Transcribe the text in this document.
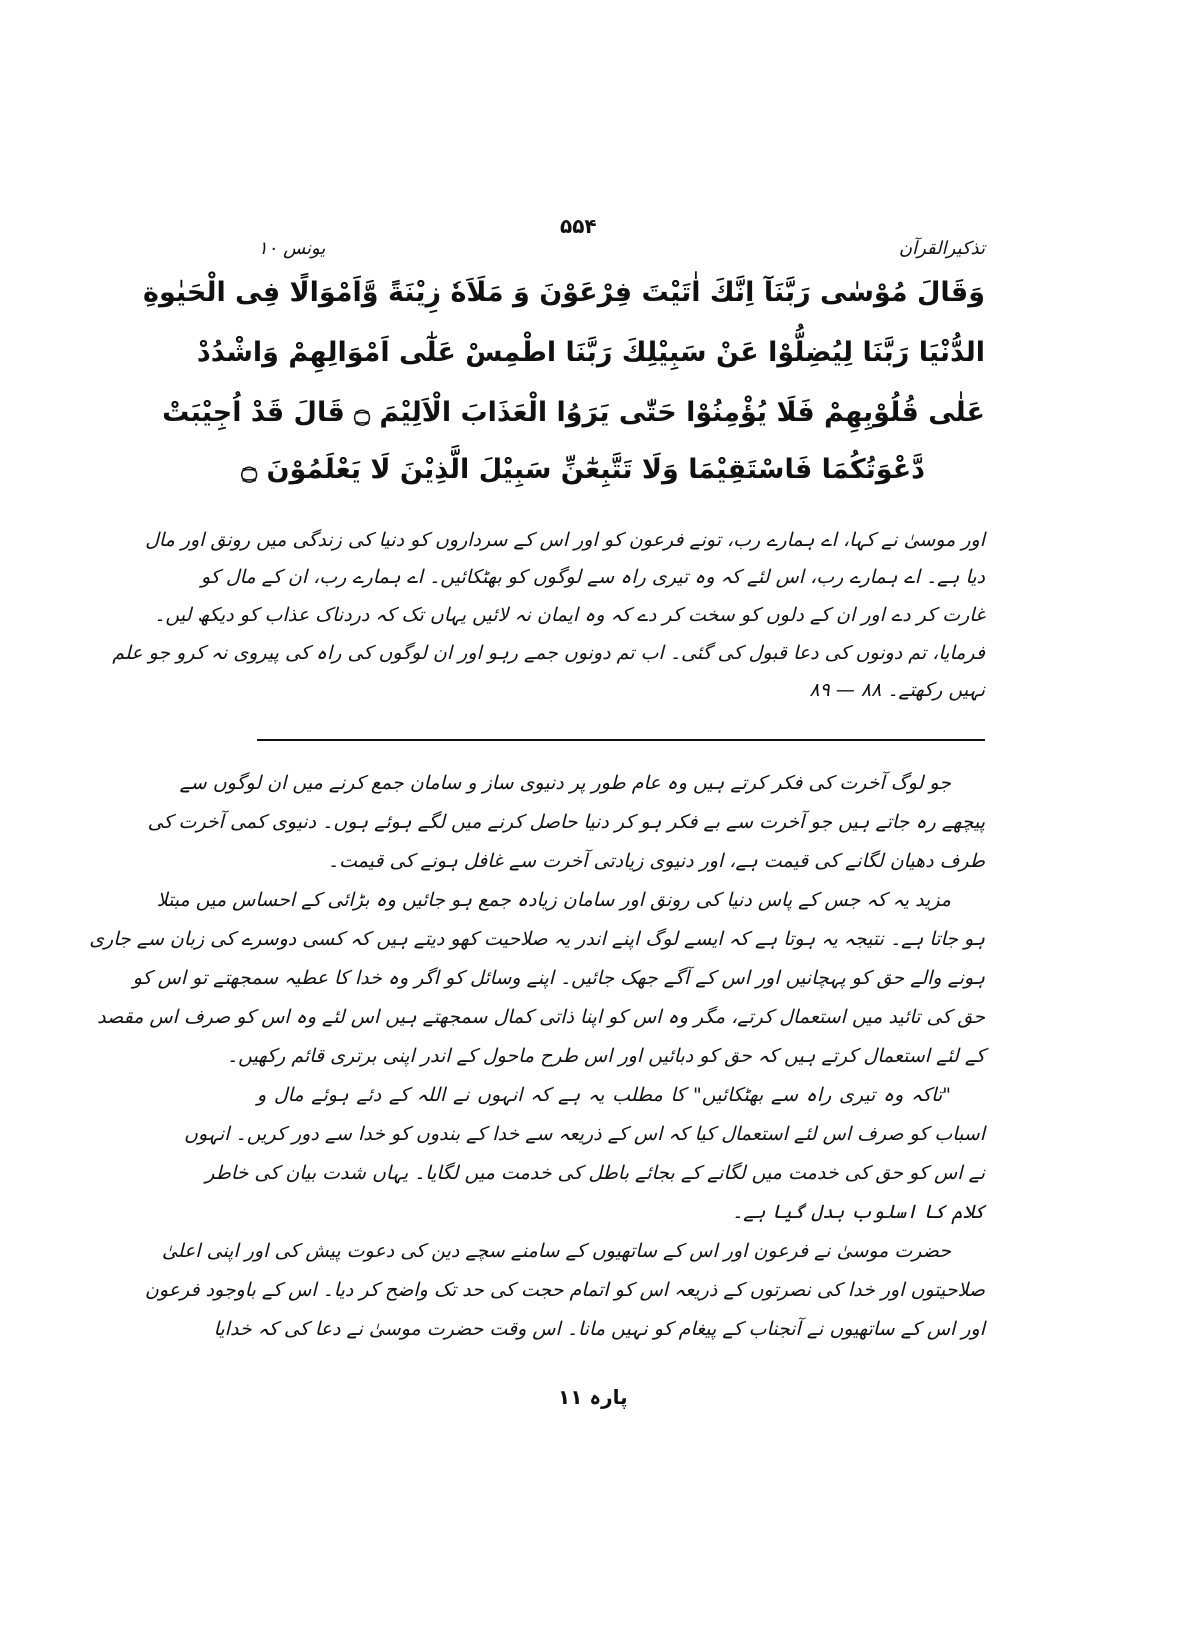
۵۵۴
تذکیرالقرآن
یونس ۱۰
وَقَالَ مُوْسٰى رَبَّنَآ اِنَّكَ اٰتَيْتَ فِرْعَوْنَ وَ مَلَاَهٗ زِيْنَةً وَّاَمْوَالًا فِى الْحَيٰوةِ
الدُّنْيَا رَبَّنَا لِيُضِلُّوْا عَنْ سَبِيْلِكَ رَبَّنَا اطْمِسْ عَلٰٓى اَمْوَالِهِمْ وَاشْدُدْ
عَلٰى قُلُوْبِهِمْ فَلَا يُؤْمِنُوْا حَتّٰى يَرَوُا الْعَذَابَ الْاَلِيْمَ ۝ قَالَ قَدْ اُجِيْبَتْ
دَّعْوَتُكُمَا فَاسْتَقِيْمَا وَلَا تَتَّبِعٰٓنِّ سَبِيْلَ الَّذِيْنَ لَا يَعْلَمُوْنَ ۝
اور موسیٰ نے کہا، اے ہمارے رب، تونے فرعون کو اور اس کے سرداروں کو دنیا کی زندگی میں رونق اور مال
دیا ہے۔ اے ہمارے رب، اس لئے کہ وہ تیری راہ سے لوگوں کو بھٹکائیں۔ اے ہمارے رب، ان کے مال کو
غارت کر دے اور ان کے دلوں کو سخت کر دے کہ وہ ایمان نہ لائیں یہاں تک کہ دردناک عذاب کو دیکھ لیں۔
فرمایا، تم دونوں کی دعا قبول کی گئی۔ اب تم دونوں جمے رہو اور ان لوگوں کی راہ کی پیروی نہ کرو جو علم
نہیں رکھتے۔ ۸۸ — ۸۹
جو لوگ آخرت کی فکر کرتے ہیں وہ عام طور پر دنیوی ساز و سامان جمع کرنے میں ان لوگوں سے
پیچھے رہ جاتے ہیں جو آخرت سے بے فکر ہو کر دنیا حاصل کرنے میں لگے ہوئے ہوں۔ دنیوی کمی آخرت کی
طرف دھیان لگانے کی قیمت ہے، اور دنیوی زیادتی آخرت سے غافل ہونے کی قیمت۔
مزید یہ کہ جس کے پاس دنیا کی رونق اور سامان زیادہ جمع ہو جائیں وہ بڑائی کے احساس میں مبتلا
ہو جاتا ہے۔ نتیجہ یہ ہوتا ہے کہ ایسے لوگ اپنے اندر یہ صلاحیت کھو دیتے ہیں کہ کسی دوسرے کی زبان سے جاری
ہونے والے حق کو پہچانیں اور اس کے آگے جھک جائیں۔ اپنے وسائل کو اگر وہ خدا کا عطیہ سمجھتے تو اس کو
حق کی تائید میں استعمال کرتے، مگر وہ اس کو اپنا ذاتی کمال سمجھتے ہیں اس لئے وہ اس کو صرف اس مقصد
کے لئے استعمال کرتے ہیں کہ حق کو دبائیں اور اس طرح ماحول کے اندر اپنی برتری قائم رکھیں۔
"تاکہ وہ تیری راہ سے بھٹکائیں" کا مطلب یہ ہے کہ انہوں نے اللہ کے دئے ہوئے مال و
اسباب کو صرف اس لئے استعمال کیا کہ اس کے ذریعہ سے خدا کے بندوں کو خدا سے دور کریں۔ انہوں
نے اس کو حق کی خدمت میں لگانے کے بجائے باطل کی خدمت میں لگایا۔ یہاں شدت بیان کی خاطر
کلام کا اسلوب بدل گیا ہے۔
حضرت موسیٰ نے فرعون اور اس کے ساتھیوں کے سامنے سچے دین کی دعوت پیش کی اور اپنی اعلیٰ
صلاحیتوں اور خدا کی نصرتوں کے ذریعہ اس کو اتمام حجت کی حد تک واضح کر دیا۔ اس کے باوجود فرعون
اور اس کے ساتھیوں نے آنجناب کے پیغام کو نہیں مانا۔ اس وقت حضرت موسیٰ نے دعا کی کہ خدایا
پارہ ۱۱
